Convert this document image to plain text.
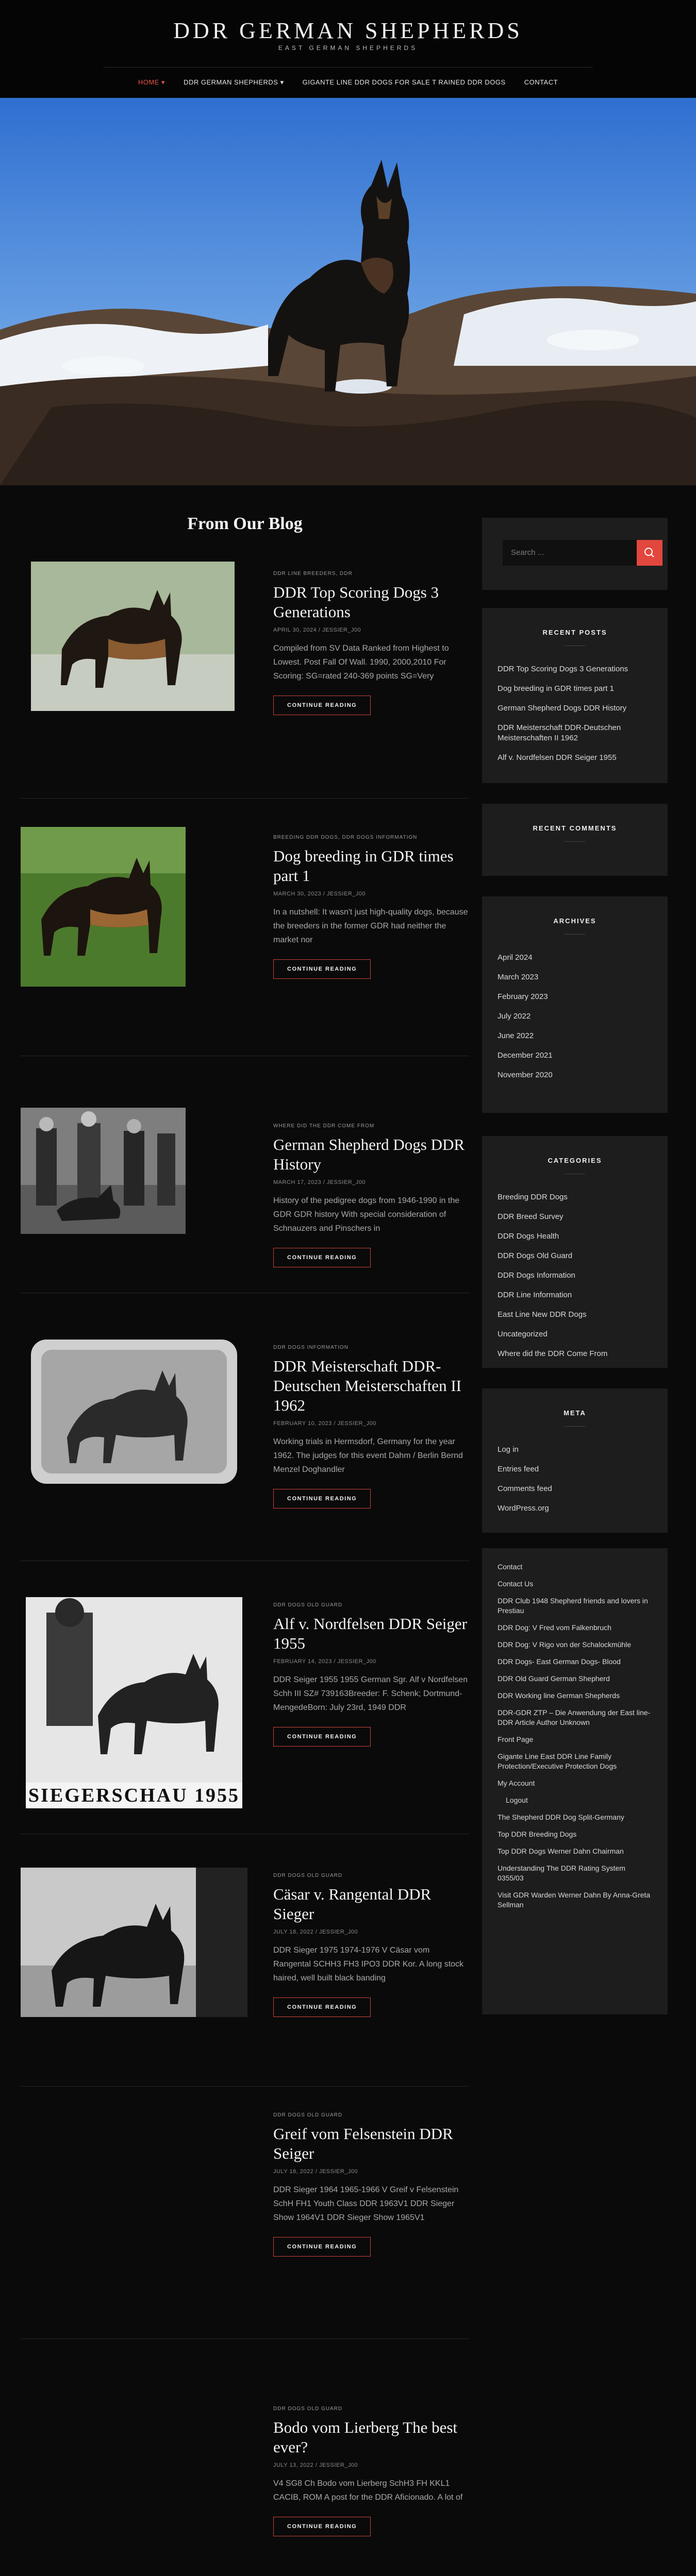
DDR GERMAN SHEPHERDS
EAST GERMAN SHEPHERDS
HOME ▾	DDR GERMAN SHEPHERDS ▾	GIGANTE LINE DDR DOGS FOR SALE T RAINED DDR DOGS	CONTACT
From Our Blog
DDR LINE BREEDERS, DDR
DDR Top Scoring Dogs 3 Generations
APRIL 30, 2024 / JESSIER_J00
Compiled from SV Data Ranked from Highest to Lowest. Post Fall Of Wall. 1990, 2000,2010 For Scoring: SG=rated 240-369 points SG=Very
CONTINUE READING
BREEDING DDR DOGS, DDR DOGS INFORMATION
Dog breeding in GDR times part 1
MARCH 30, 2023 / JESSIER_J00
In a nutshell: It wasn't just high-quality dogs, because the breeders in the former GDR had neither the market nor
CONTINUE READING
WHERE DID THE DDR COME FROM
German Shepherd Dogs DDR History
MARCH 17, 2023 / JESSIER_J00
History of the pedigree dogs from 1946-1990 in the GDR GDR history With special consideration of Schnauzers and Pinschers in
CONTINUE READING
DDR DOGS INFORMATION
DDR Meisterschaft DDR-Deutschen Meisterschaften II 1962
FEBRUARY 10, 2023 / JESSIER_J00
Working trials in Hermsdorf, Germany for the year 1962. The judges for this event Dahm / Berlin Bernd Menzel Doghandler
CONTINUE READING
SIEGERSCHAU 1955
DDR DOGS OLD GUARD
Alf v. Nordfelsen DDR Seiger 1955
FEBRUARY 14, 2023 / JESSIER_J00
DDR Seiger 1955 1955 German Sgr. Alf v Nordfelsen Schh III SZ# 739163Breeder: F. Schenk; Dortmund-MengedeBorn: July 23rd, 1949 DDR
CONTINUE READING
DDR DOGS OLD GUARD
Cäsar v. Rangental DDR Sieger
JULY 18, 2022 / JESSIER_J00
DDR Sieger 1975 1974-1976 V Cäsar vom Rangental SCHH3 FH3 IPO3 DDR Kor. A long stock haired, well built black banding
CONTINUE READING
DDR DOGS OLD GUARD
Greif vom Felsenstein DDR Seiger
JULY 18, 2022 / JESSIER_J00
DDR Sieger 1964 1965-1966 V Greif v Felsenstein SchH FH1 Youth Class DDR 1963V1 DDR Sieger Show 1964V1 DDR Sieger Show 1965V1
CONTINUE READING
DDR DOGS OLD GUARD
Bodo vom Lierberg The best ever?
JULY 13, 2022 / JESSIER_J00
V4 SG8 Ch Bodo vom Lierberg SchH3 FH KKL1 CACIB, ROM A post for the DDR Aficionado. A lot of
CONTINUE READING
Search ...
RECENT POSTS
DDR Top Scoring Dogs 3 Generations
Dog breeding in GDR times part 1
German Shepherd Dogs DDR History
DDR Meisterschaft DDR-Deutschen Meisterschaften II 1962
Alf v. Nordfelsen DDR Seiger 1955
RECENT COMMENTS
ARCHIVES
April 2024
March 2023
February 2023
July 2022
June 2022
December 2021
November 2020
CATEGORIES
Breeding DDR Dogs
DDR Breed Survey
DDR Dogs Health
DDR Dogs Old Guard
DDR Dogs Information
DDR Line Information
East Line New DDR Dogs
Uncategorized
Where did the DDR Come From
META
Log in
Entries feed
Comments feed
WordPress.org
Contact
Contact Us
DDR Club 1948 Shepherd friends and lovers in Prestiau
DDR Dog: V Fred vom Falkenbruch
DDR Dog: V Rigo von der Schalockmühle
DDR Dogs- East German Dogs- Blood
DDR Old Guard German Shepherd
DDR Working line German Shepherds
DDR-GDR ZTP – Die Anwendung der East line-DDR Article Author Unknown
Front Page
Gigante Line East DDR Line Family Protection/Executive Protection Dogs
My Account
Logout
The Shepherd DDR Dog Split-Germany
Top DDR Breeding Dogs
Top DDR Dogs Werner Dahn Chairman
Understanding The DDR Rating System 0355/03
Visit GDR Warden Werner Dahn By Anna-Greta Sellman
